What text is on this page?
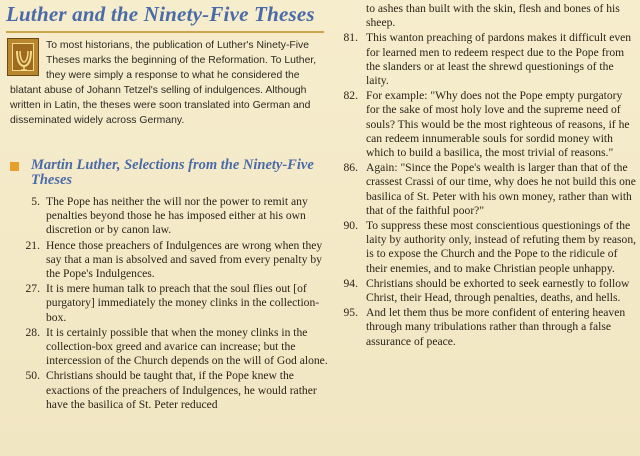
Luther and the Ninety-Five Theses

To most historians, the publication of Luther's Ninety-Five Theses marks the beginning of the Reformation. To Luther, they were simply a response to what he considered the blatant abuse of Johann Tetzel's selling of indulgences. Although written in Latin, the theses were soon translated into German and disseminated widely across Germany.

Martin Luther, Selections from the Ninety-Five Theses
5. The Pope has neither the will nor the power to remit any penalties beyond those he has imposed either at his own discretion or by canon law.
21. Hence those preachers of Indulgences are wrong when they say that a man is absolved and saved from every penalty by the Pope's Indulgences.
27. It is mere human talk to preach that the soul flies out [of purgatory] immediately the money clinks in the collection-box.
28. It is certainly possible that when the money clinks in the collection-box greed and avarice can increase; but the intercession of the Church depends on the will of God alone.
50. Christians should be taught that, if the Pope knew the exactions of the preachers of Indulgences, he would rather have the basilica of St. Peter reduced
to ashes than built with the skin, flesh and bones of his sheep.
81. This wanton preaching of pardons makes it difficult even for learned men to redeem respect due to the Pope from the slanders or at least the shrewd questionings of the laity.
82. For example: "Why does not the Pope empty purgatory for the sake of most holy love and the supreme need of souls? This would be the most righteous of reasons, if he can redeem innumerable souls for sordid money with which to build a basilica, the most trivial of reasons."
86. Again: "Since the Pope's wealth is larger than that of the crassest Crassi of our time, why does he not build this one basilica of St. Peter with his own money, rather than with that of the faithful poor?"
90. To suppress these most conscientious questionings of the laity by authority only, instead of refuting them by reason, is to expose the Church and the Pope to the ridicule of their enemies, and to make Christian people unhappy.
94. Christians should be exhorted to seek earnestly to follow Christ, their Head, through penalties, deaths, and hells.
95. And let them thus be more confident of entering heaven through many tribulations rather than through a false assurance of peace.
